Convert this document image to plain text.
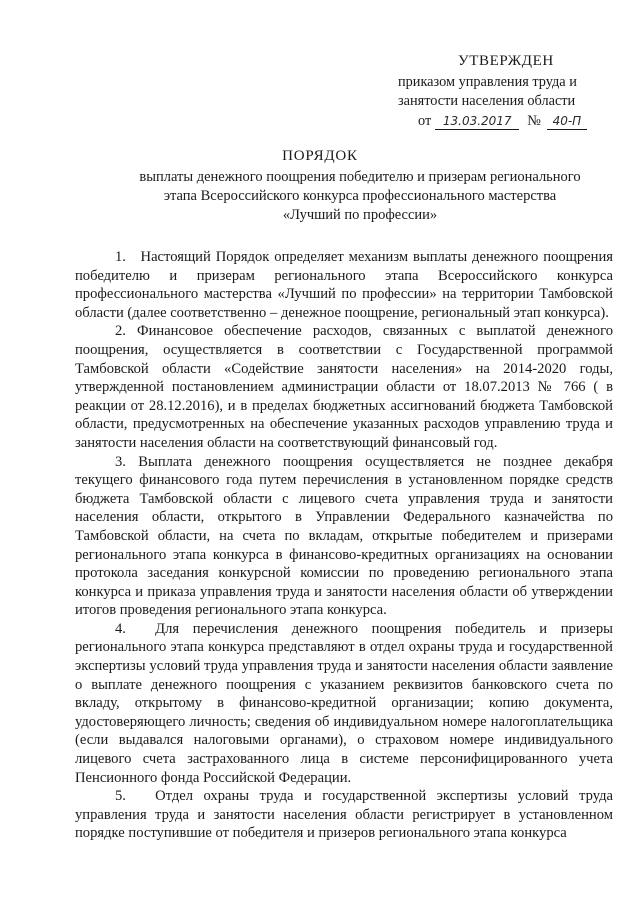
УТВЕРЖДЕН
приказом управления труда и
занятости населения области
от 13.03.2017 № 40-П
ПОРЯДОК
выплаты денежного поощрения победителю и призерам регионального
этапа Всероссийского конкурса профессионального мастерства
«Лучший по профессии»

1. Настоящий Порядок определяет механизм выплаты денежного поощрения победителю и призерам регионального этапа Всероссийского конкурса профессионального мастерства «Лучший по профессии» на территории Тамбовской области (далее соответственно – денежное поощрение, региональный этап конкурса).

2. Финансовое обеспечение расходов, связанных с выплатой денежного поощрения, осуществляется в соответствии с Государственной программой Тамбовской области «Содействие занятости населения» на 2014-2020 годы, утвержденной постановлением администрации области от 18.07.2013 № 766 ( в реакции от 28.12.2016), и в пределах бюджетных ассигнований бюджета Тамбовской области, предусмотренных на обеспечение указанных расходов управлению труда и занятости населения области на соответствующий финансовый год.

3. Выплата денежного поощрения осуществляется не позднее декабря текущего финансового года путем перечисления в установленном порядке средств бюджета Тамбовской области с лицевого счета управления труда и занятости населения области, открытого в Управлении Федерального казначейства по Тамбовской области, на счета по вкладам, открытые победителем и призерами регионального этапа конкурса в финансово-кредитных организациях на основании протокола заседания конкурсной комиссии по проведению регионального этапа конкурса и приказа управления труда и занятости населения области об утверждении итогов проведения регионального этапа конкурса.

4.  Для перечисления денежного поощрения победитель и призеры регионального этапа конкурса представляют в отдел охраны труда и государственной экспертизы условий труда управления труда и занятости населения области заявление о выплате денежного поощрения с указанием реквизитов банковского счета по вкладу, открытому в финансово-кредитной организации; копию документа, удостоверяющего личность; сведения об индивидуальном номере налогоплательщика (если выдавался налоговыми органами), о страховом номере индивидуального лицевого счета застрахованного лица в системе персонифицированного учета Пенсионного фонда Российской Федерации.

5.  Отдел охраны труда и государственной экспертизы условий труда управления труда и занятости населения области регистрирует в установленном порядке поступившие от победителя и призеров регионального этапа конкурса
